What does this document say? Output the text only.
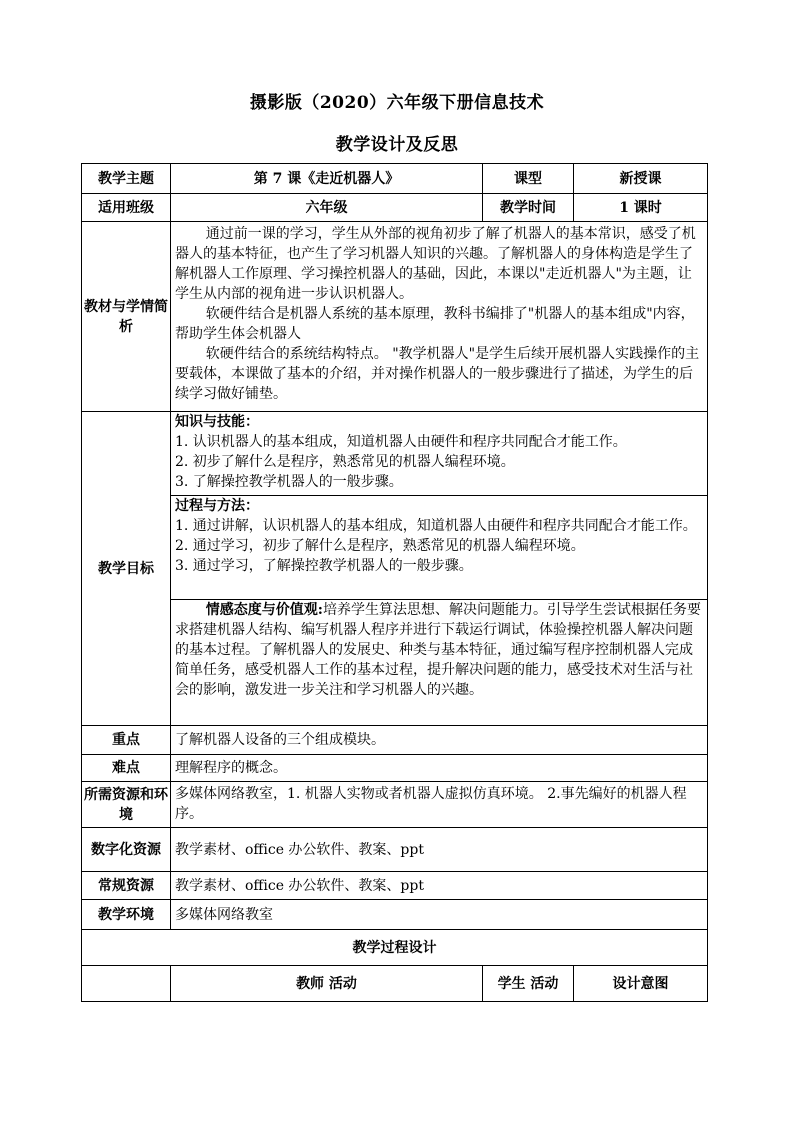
摄影版（2020）六年级下册信息技术
教学设计及反思
教学主题	第 7 课《走近机器人》	课型	新授课
适用班级	六年级	教学时间	1 课时
教材与学情简析	通过前一课的学习，学生从外部的视角初步了解了机器人的基本常识，感受了机器人的基本特征，也产生了学习机器人知识的兴趣。了解机器人的身体构造是学生了解机器人工作原理、学习操控机器人的基础，因此，本课以"走近机器人"为主题，让学生从内部的视角进一步认识机器人。

软硬件结合是机器人系统的基本原理，教科书编排了"机器人的基本组成"内容，帮助学生体会机器人

软硬件结合的系统结构特点。 "教学机器人"是学生后续开展机器人实践操作的主要载体，本课做了基本的介绍，并对操作机器人的一般步骤进行了描述，为学生的后续学习做好铺垫。		

教学目标	知识与技能：

1. 认识机器人的基本组成，知道机器人由硬件和程序共同配合才能工作。

2. 初步了解什么是程序，熟悉常见的机器人编程环境。

3. 了解操控教学机器人的一般步骤。		

	过程与方法：

1. 通过讲解，认识机器人的基本组成，知道机器人由硬件和程序共同配合才能工作。

2. 通过学习，初步了解什么是程序，熟悉常见的机器人编程环境。

3. 通过学习，了解操控教学机器人的一般步骤。		

	情感态度与价值观:培养学生算法思想、解决问题能力。引导学生尝试根据任务要求搭建机器人结构、编写机器人程序并进行下载运行调试，体验操控机器人解决问题的基本过程。了解机器人的发展史、种类与基本特征，通过编写程序控制机器人完成简单任务，感受机器人工作的基本过程，提升解决问题的能力，感受技术对生活与社会的影响，激发进一步关注和学习机器人的兴趣。		

重点	了解机器人设备的三个组成模块。		
难点	理解程序的概念。		
所需资源和环境	多媒体网络教室，1. 机器人实物或者机器人虚拟仿真环境。 2.事先编好的机器人程序。		
数字化资源	教学素材、office 办公软件、教案、ppt		
常规资源	教学素材、office 办公软件、教案、ppt		
教学环境	多媒体网络教室		
教学过程设计			
	教师 活动	学生 活动	设计意图
